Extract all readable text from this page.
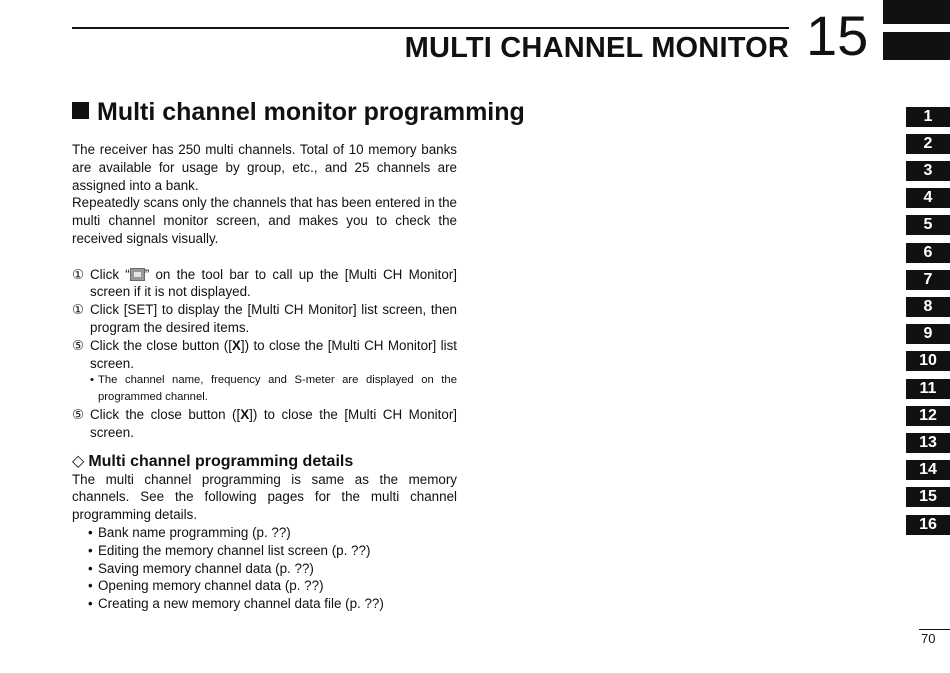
MULTI CHANNEL MONITOR 15
Multi channel monitor programming

The receiver has 250 multi channels. Total of 10 memory banks are available for usage by group, etc., and 25 channels are assigned into a bank.

Repeatedly scans only the channels that has been entered in the multi channel monitor screen, and makes you to check the received signals visually.

① Click “ ” on the tool bar to call up the [Multi CH Monitor] screen if it is not displayed.
① Click [SET] to display the [Multi CH Monitor] list screen, then program the desired items.
⑤ Click the close button ([X]) to close the [Multi CH Monitor] list screen.
• The channel name, frequency and S-meter are displayed on the programmed channel.
⑤ Click the close button ([X]) to close the [Multi CH Monitor] screen.
◇ Multi channel programming details

The multi channel programming is same as the memory channels. See the following pages for the multi channel programming details.

• Bank name programming (p. ??)
• Editing the memory channel list screen (p. ??)
• Saving memory channel data (p. ??)
• Opening memory channel data (p. ??)
• Creating a new memory channel data file (p. ??)
1
2
3
4
5
6
7
8
9
10
11
12
13
14
15
16
70
